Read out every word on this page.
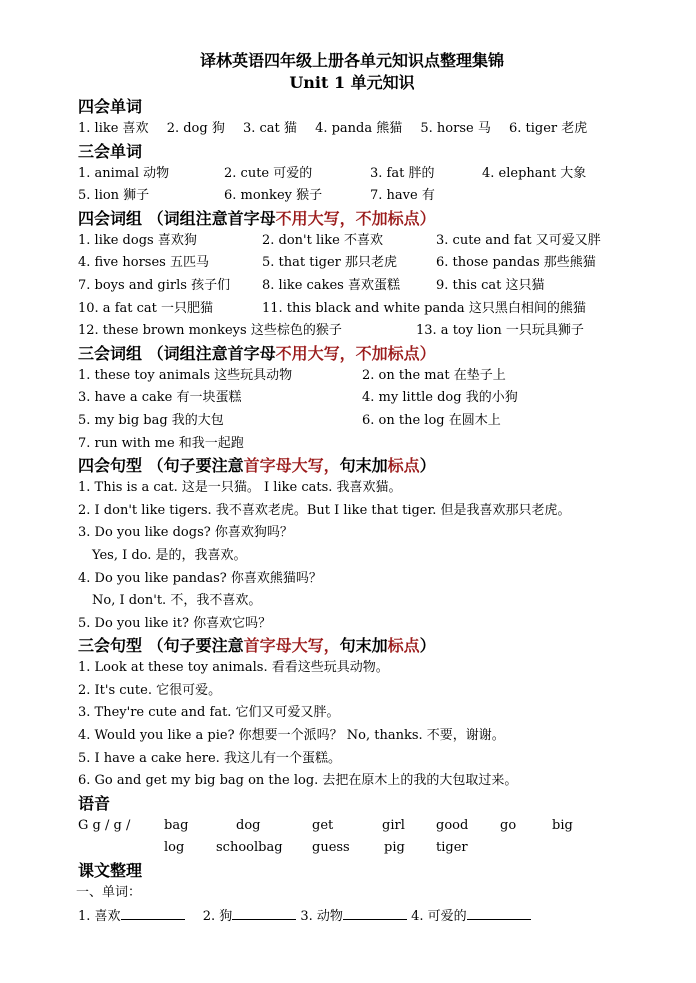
译林英语四年级上册各单元知识点整理集锦
Unit 1 单元知识
四会单词
1. like 喜欢 2. dog 狗 3. cat 猫 4. panda 熊猫 5. horse 马 6. tiger 老虎
三会单词
1. animal 动物	2. cute 可爱的	3. fat 胖的	4. elephant 大象
5. lion 狮子	6. monkey 猴子	7. have 有
四会词组 （词组注意首字母不用大写，不加标点）
1. like dogs 喜欢狗	2. don't like 不喜欢	3. cute and fat 又可爱又胖
4. five horses 五匹马	5. that tiger 那只老虎	6. those pandas 那些熊猫
7. boys and girls 孩子们	8. like cakes 喜欢蛋糕	9. this cat 这只猫
10. a fat cat 一只肥猫	11. this black and white panda 这只黑白相间的熊猫
12. these brown monkeys 这些棕色的猴子	13. a toy lion 一只玩具狮子
三会词组 （词组注意首字母不用大写，不加标点）
1. these toy animals 这些玩具动物	2. on the mat 在垫子上
3. have a cake 有一块蛋糕	4. my little dog 我的小狗
5. my big bag 我的大包	6. on the log 在圆木上
7. run with me 和我一起跑
四会句型 （句子要注意首字母大写，句末加标点）
1. This is a cat. 这是一只猫。 I like cats. 我喜欢猫。
2. I don't like tigers. 我不喜欢老虎。But I like that tiger. 但是我喜欢那只老虎。
3. Do you like dogs? 你喜欢狗吗？
Yes, I do. 是的，我喜欢。
4. Do you like pandas? 你喜欢熊猫吗？
No, I don't. 不，我不喜欢。
5. Do you like it? 你喜欢它吗？
三会句型 （句子要注意首字母大写，句末加标点）
1. Look at these toy animals. 看看这些玩具动物。
2. It's cute. 它很可爱。
3. They're cute and fat. 它们又可爱又胖。
4. Would you like a pie? 你想要一个派吗？ No, thanks. 不要，谢谢。
5. I have a cake here. 我这儿有一个蛋糕。
6. Go and get my big bag on the log. 去把在原木上的我的大包取过来。
语音
G g / g /	bag	dog	get	girl	good	go	big
log	schoolbag	guess	pig	tiger
课文整理
一、单词：
1. 喜欢	2. 狗	3. 动物	4. 可爱的
